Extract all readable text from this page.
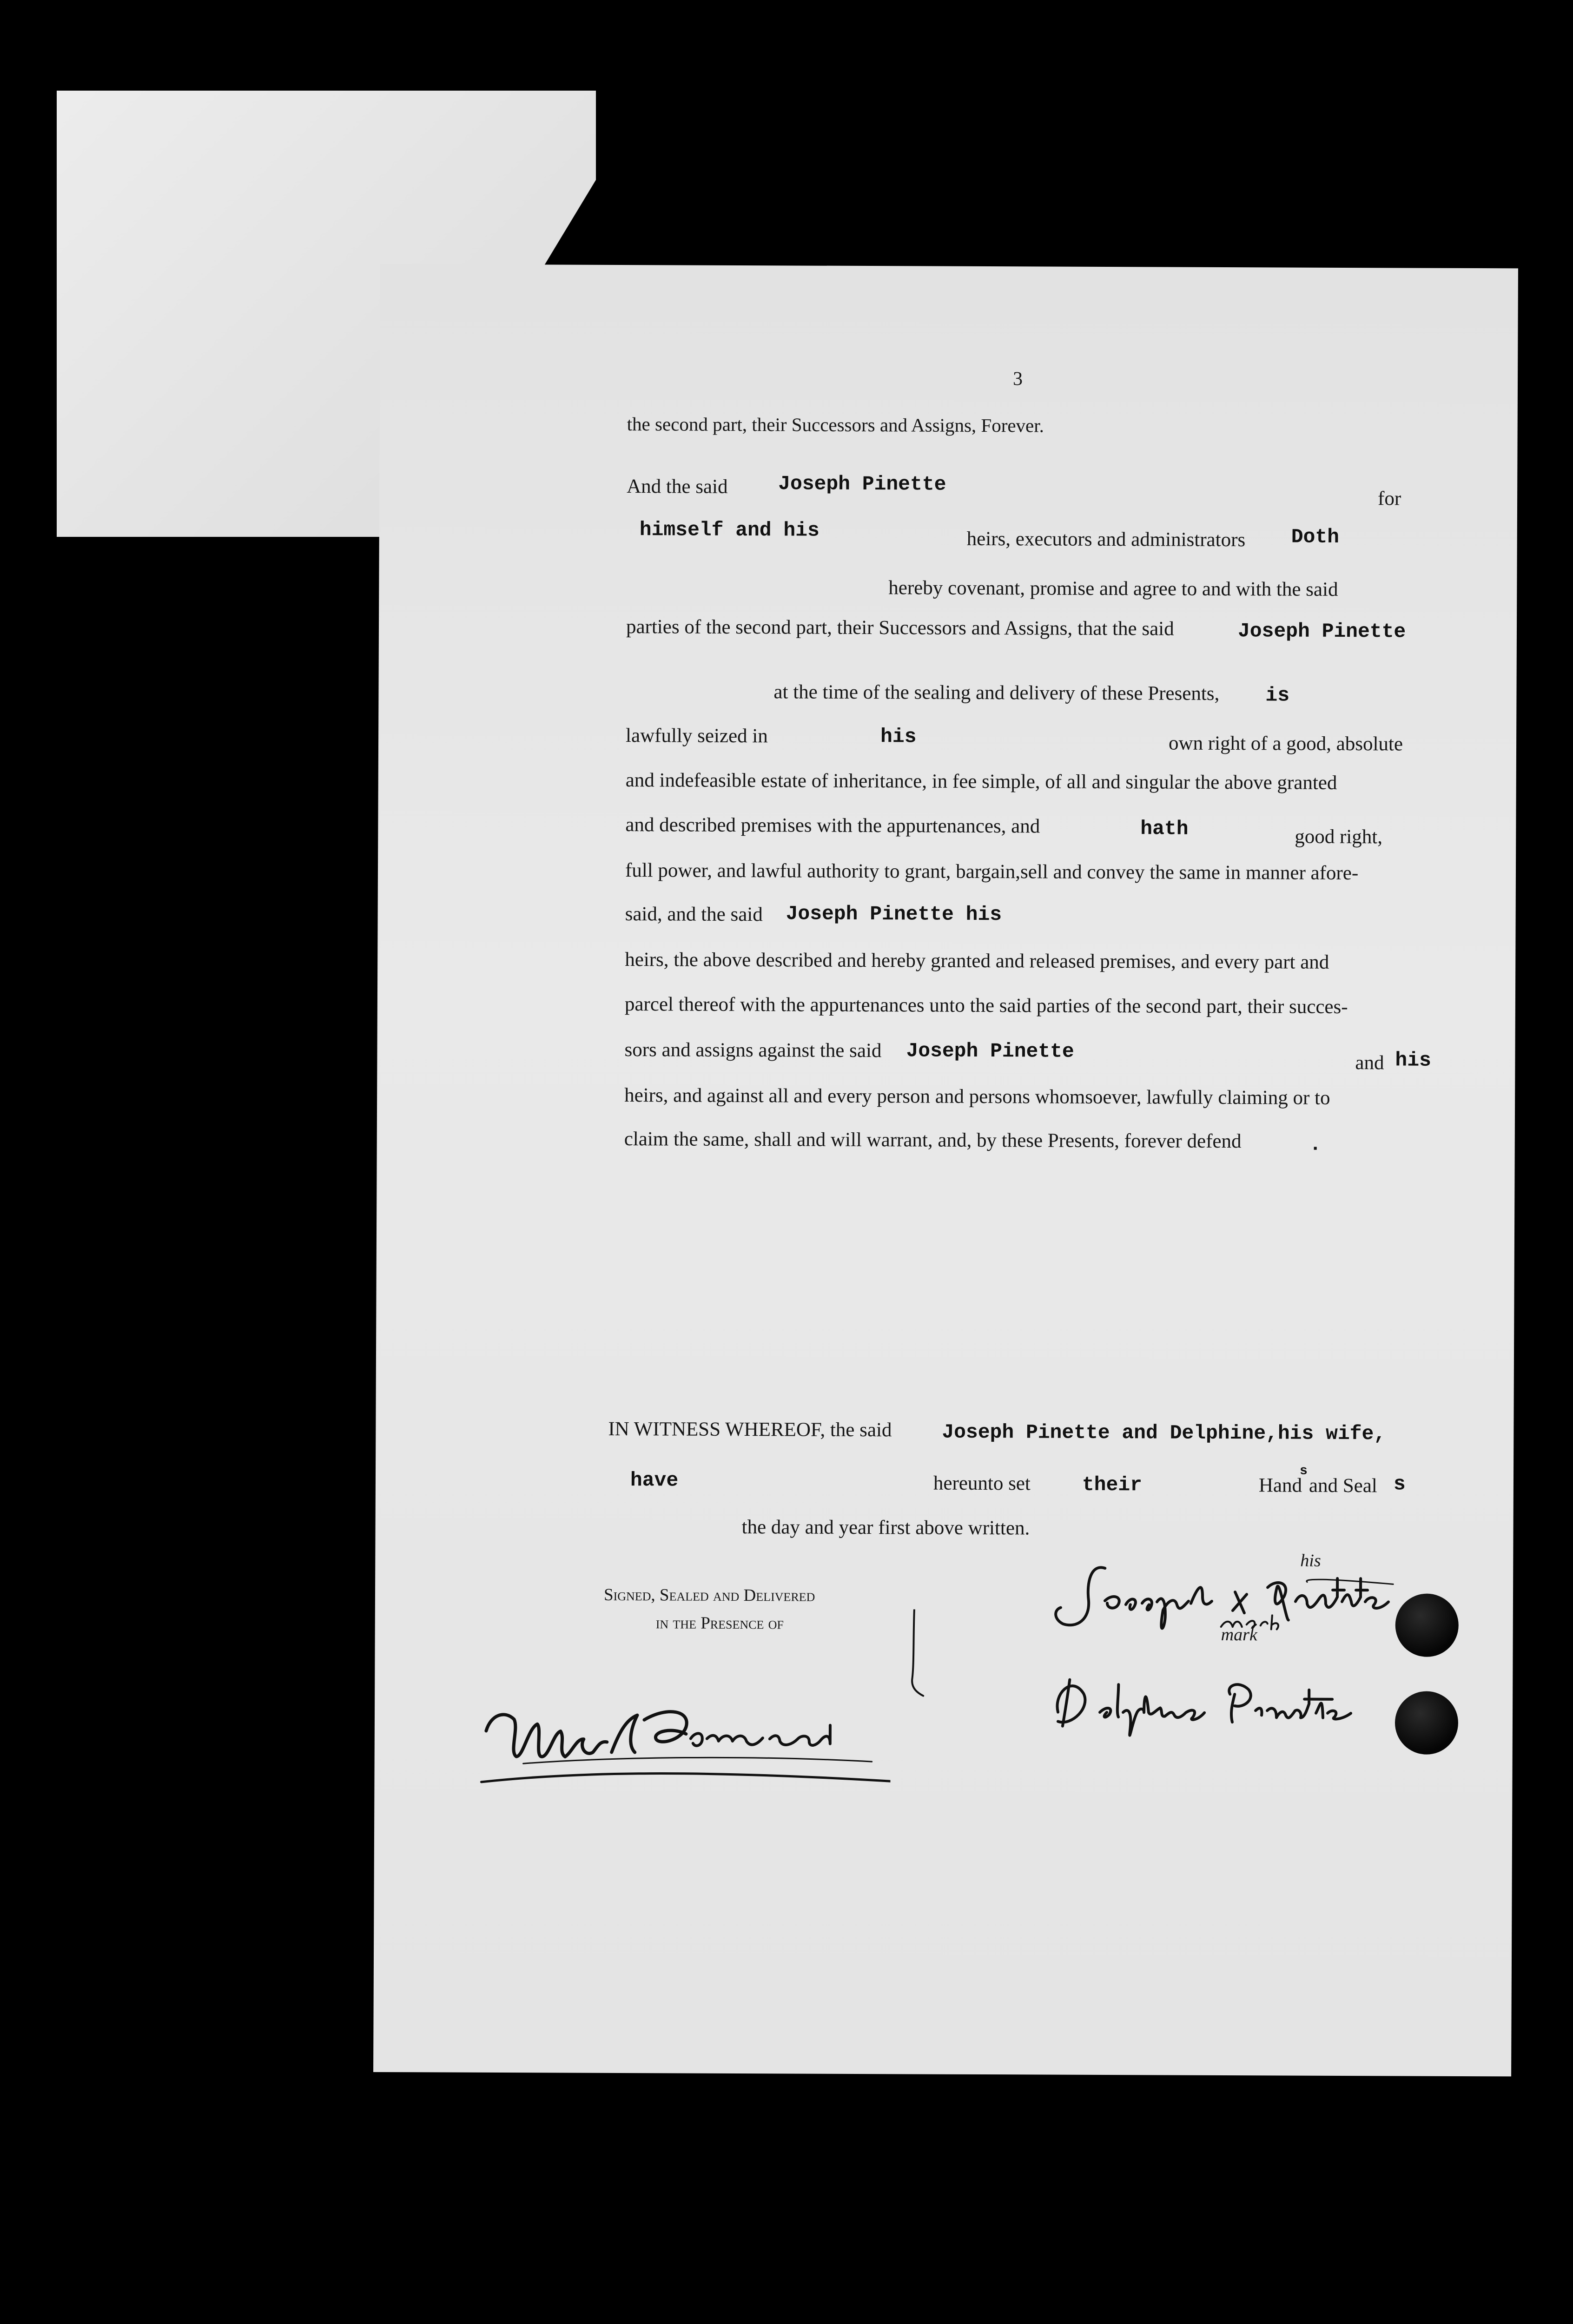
3
the second part, their Successors and Assigns, Forever.
And the said	Joseph Pinette
for
himself and his	heirs, executors and administrators Doth
hereby covenant, promise and agree to and with the said
parties of the second part, their Successors and Assigns, that the said	Joseph Pinette
at the time of the sealing and delivery of these Presents, is
lawfully seized in	his	own right of a good, absolute
and indefeasible estate of inheritance, in fee simple, of all and singular the above granted
and described premises with the appurtenances, and	hath	good right,
full power, and lawful authority to grant, bargain,sell and convey the same in manner afore-
said, and the said Joseph Pinette his
heirs, the above described and hereby granted and released premises, and every part and
parcel thereof with the appurtenances unto the said parties of the second part, their succes-
sors and assigns against the said Joseph Pinette	and his
heirs, and against all and every person and persons whomsoever, lawfully claiming or to
claim the same, shall and will warrant, and, by these Presents, forever defend	.
IN WITNESS WHEREOF, the said	Joseph Pinette and Delphine,his wife,
have	hereunto set	their	Hand
s
and Seal s
the day and year first above written.
Signed, Sealed and Delivered
in the Presence of
his
mark
